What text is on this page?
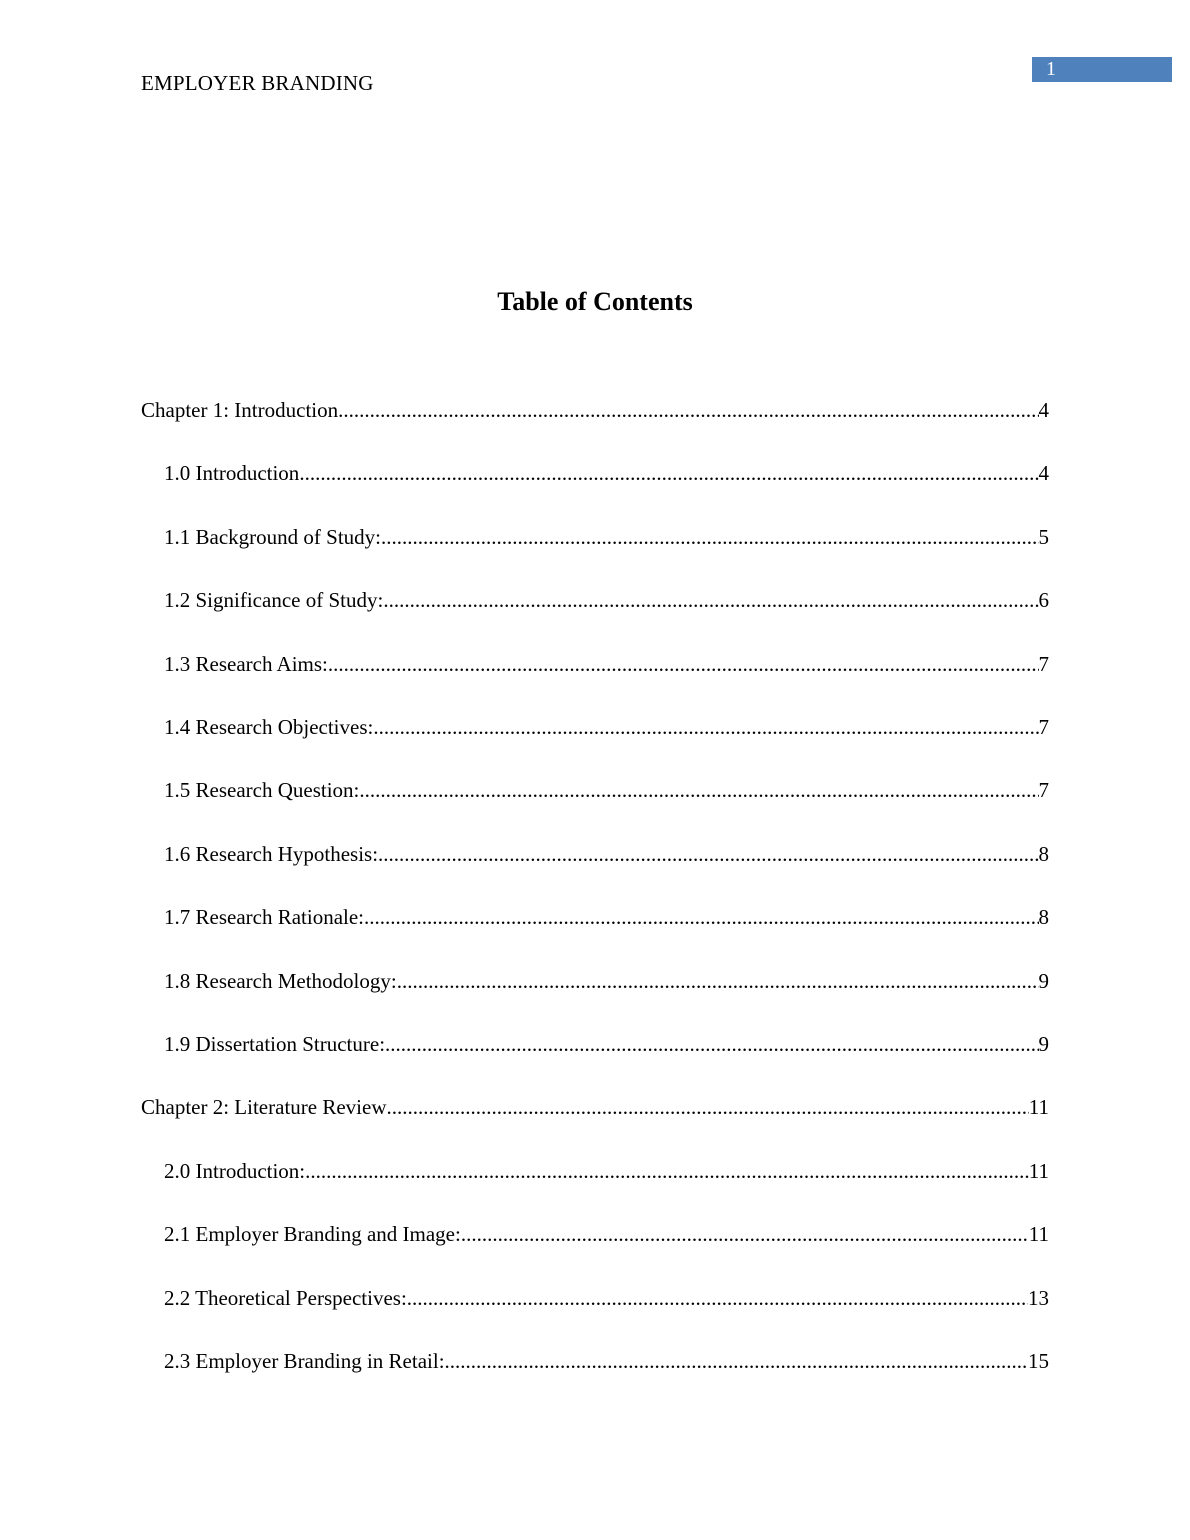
EMPLOYER BRANDING
1
Table of Contents
Chapter 1: Introduction .....	4
1.0 Introduction .....	4
1.1 Background of Study: .....	5
1.2 Significance of Study: .....	6
1.3 Research Aims: .....	7
1.4 Research Objectives: .....	7
1.5 Research Question: .....	7
1.6 Research Hypothesis: .....	8
1.7 Research Rationale: .....	8
1.8 Research Methodology: .....	9
1.9 Dissertation Structure: .....	9
Chapter 2: Literature Review .....	11
2.0 Introduction: .....	11
2.1 Employer Branding and Image: .....	11
2.2 Theoretical Perspectives: .....	13
2.3 Employer Branding in Retail: .....	15
